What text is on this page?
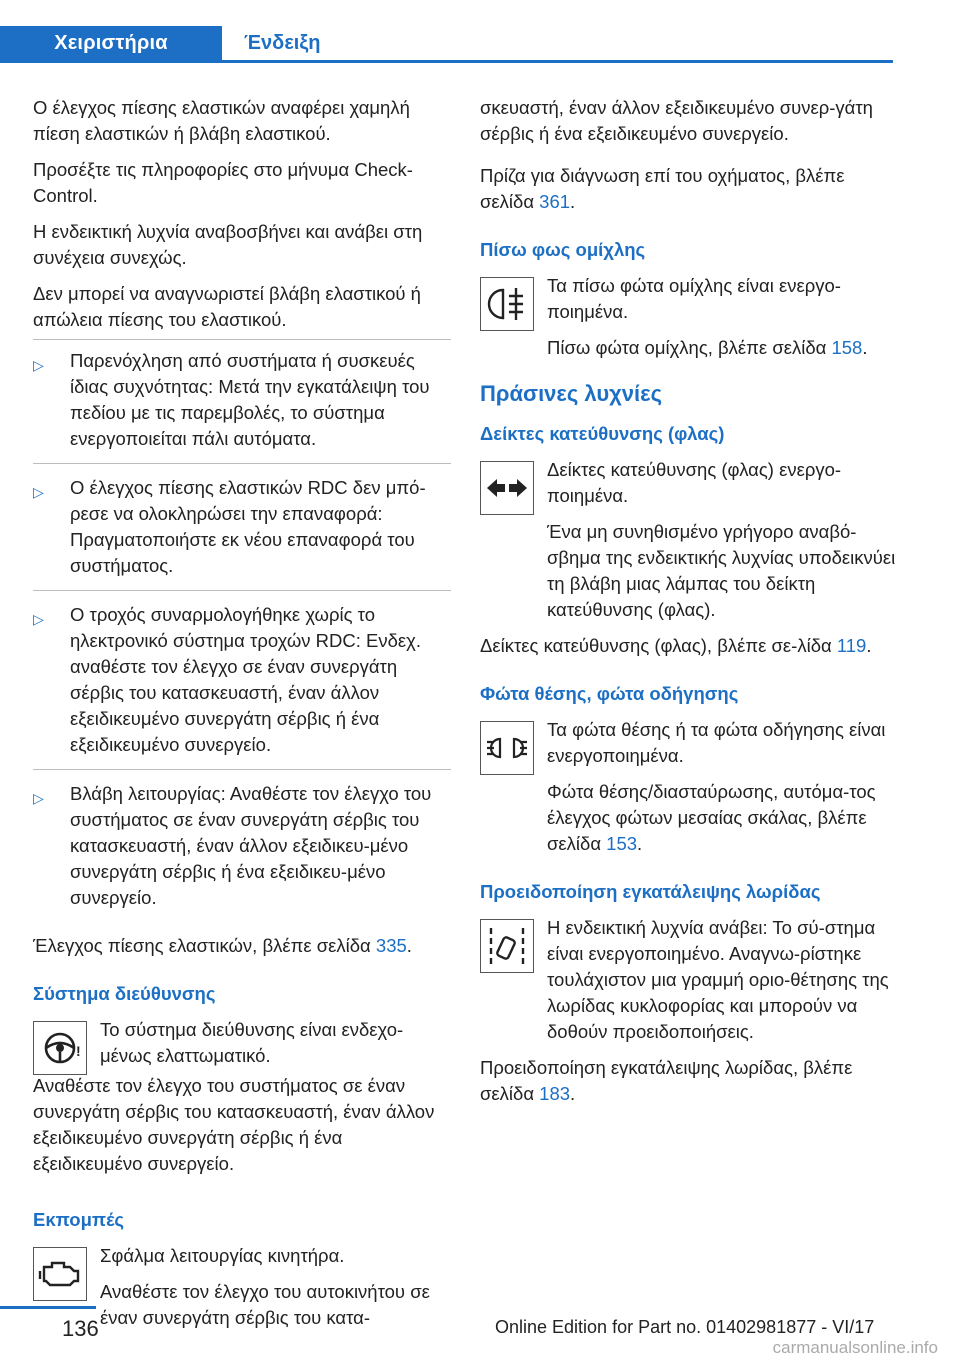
Χειριστήρια	Ένδειξη

Ο έλεγχος πίεσης ελαστικών αναφέρει χαμηλή πίεση ελαστικών ή βλάβη ελαστικού.

Προσέξτε τις πληροφορίες στο μήνυμα Check-Control.

Η ενδεικτική λυχνία αναβοσβήνει και ανάβει στη συνέχεια συνεχώς.

Δεν μπορεί να αναγνωριστεί βλάβη ελαστικού ή απώλεια πίεσης του ελαστικού.

▷ Παρενόχληση από συστήματα ή συσκευές ίδιας συχνότητας: Μετά την εγκατάλειψη του πεδίου με τις παρεμβολές, το σύστημα ενεργοποιείται πάλι αυτόματα.
▷ Ο έλεγχος πίεσης ελαστικών RDC δεν μπό-ρεσε να ολοκληρώσει την επαναφορά: Πραγματοποιήστε εκ νέου επαναφορά του συστήματος.
▷ Ο τροχός συναρμολογήθηκε χωρίς το ηλεκτρονικό σύστημα τροχών RDC: Ενδεχ. αναθέστε τον έλεγχο σε έναν συνεργάτη σέρβις του κατασκευαστή, έναν άλλον εξειδικευμένο συνεργάτη σέρβις ή ένα εξειδικευμένο συνεργείο.
▷ Βλάβη λειτουργίας: Αναθέστε τον έλεγχο του συστήματος σε έναν συνεργάτη σέρβις του κατασκευαστή, έναν άλλον εξειδικευ-μένο συνεργάτη σέρβις ή ένα εξειδικευ-μένο συνεργείο.

Έλεγχος πίεσης ελαστικών, βλέπε σελίδα 335.

Σύστημα διεύθυνσης
!

Το σύστημα διεύθυνσης είναι ενδεχο-μένως ελαττωματικό.

Αναθέστε τον έλεγχο του συστήματος σε έναν συνεργάτη σέρβις του κατασκευαστή, έναν άλλον εξειδικευμένο συνεργάτη σέρβις ή ένα εξειδικευμένο συνεργείο.

Εκπομπές

Σφάλμα λειτουργίας κινητήρα.

Αναθέστε τον έλεγχο του αυτοκινήτου σε έναν συνεργάτη σέρβις του κατα-

σκευαστή, έναν άλλον εξειδικευμένο συνερ-γάτη σέρβις ή ένα εξειδικευμένο συνεργείο.

Πρίζα για διάγνωση επί του οχήματος, βλέπε σελίδα 361.

Πίσω φως ομίχλης

Τα πίσω φώτα ομίχλης είναι ενεργο-ποιημένα.

Πίσω φώτα ομίχλης, βλέπε σελίδα 158.

Πράσινες λυχνίες
Δείκτες κατεύθυνσης (φλας)

Δείκτες κατεύθυνσης (φλας) ενεργο-ποιημένα.

Ένα μη συνηθισμένο γρήγορο αναβό-σβημα της ενδεικτικής λυχνίας υποδεικνύει τη βλάβη μιας λάμπας του δείκτη κατεύθυνσης (φλας).

Δείκτες κατεύθυνσης (φλας), βλέπε σε-λίδα 119.

Φώτα θέσης, φώτα οδήγησης

Τα φώτα θέσης ή τα φώτα οδήγησης είναι ενεργοποιημένα.

Φώτα θέσης/διασταύρωσης, αυτόμα-τος έλεγχος φώτων μεσαίας σκάλας, βλέπε σελίδα 153.

Προειδοποίηση εγκατάλειψης λωρίδας

Η ενδεικτική λυχνία ανάβει: Το σύ-στημα είναι ενεργοποιημένο. Αναγνω-ρίστηκε τουλάχιστον μια γραμμή οριο-θέτησης της λωρίδας κυκλοφορίας και μπορούν να δοθούν προειδοποιήσεις.

Προειδοποίηση εγκατάλειψης λωρίδας, βλέπε σελίδα 183.

136	Online Edition for Part no. 01402981877 - VI/17
carmanualsonline.info
